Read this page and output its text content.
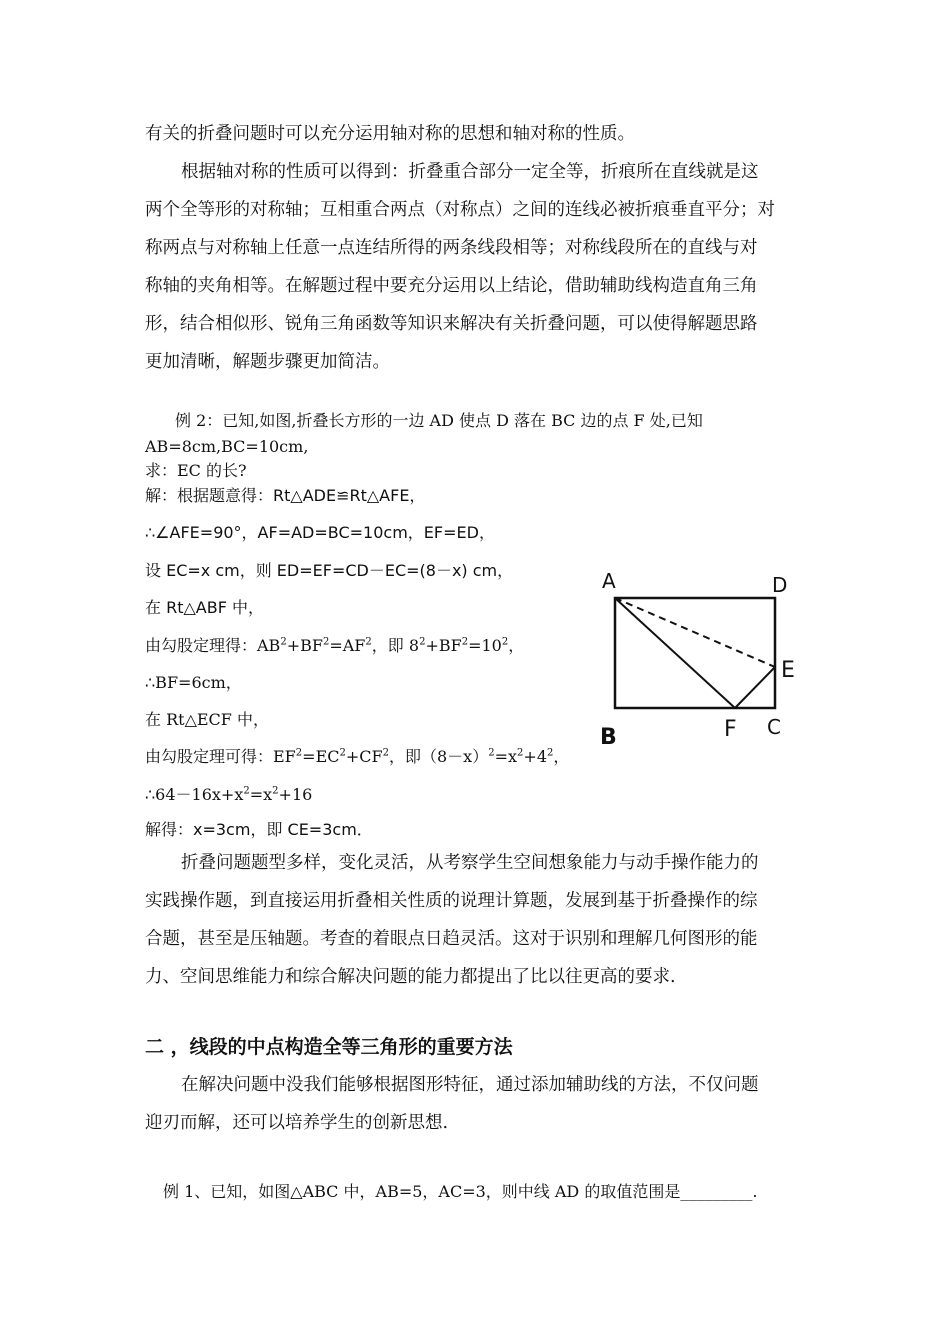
有关的折叠问题时可以充分运用轴对称的思想和轴对称的性质。
根据轴对称的性质可以得到：折叠重合部分一定全等，折痕所在直线就是这
两个全等形的对称轴；互相重合两点（对称点）之间的连线必被折痕垂直平分；对
称两点与对称轴上任意一点连结所得的两条线段相等；对称线段所在的直线与对
称轴的夹角相等。在解题过程中要充分运用以上结论，借助辅助线构造直角三角
形，结合相似形、锐角三角函数等知识来解决有关折叠问题，可以使得解题思路
更加清晰，解题步骤更加简洁。
例 2：已知,如图,折叠长方形的一边 AD 使点 D 落在 BC 边的点 F 处,已知
AB=8cm,BC=10cm,
求：EC 的长?
解：根据题意得：Rt△ADE≌Rt△AFE，
∴∠AFE=90°，AF=AD=BC=10cm，EF=ED，
设 EC=x cm，则 ED=EF=CD－EC=(8－x) cm，
在 Rt△ABF 中，
由勾股定理得：$AB^2+BF^2=AF^2$，即 $8^2+BF^2=10^2$，
∴BF=6cm，
在 Rt△ECF 中，
由勾股定理可得：$EF^2=EC^2+CF^2$，即$(8-x)^2=x^2+4^2$，
$\therefore 64-16x+x^2=x^2+16$
解得：x=3cm，即 CE=3cm．
A	D
E
B	F C
折叠问题题型多样，变化灵活，从考察学生空间想象能力与动手操作能力的
实践操作题，到直接运用折叠相关性质的说理计算题，发展到基于折叠操作的综
合题，甚至是压轴题。考查的着眼点日趋灵活。这对于识别和理解几何图形的能
力、空间思维能力和综合解决问题的能力都提出了比以往更高的要求.
二 ，线段的中点构造全等三角形的重要方法
在解决问题中没我们能够根据图形特征，通过添加辅助线的方法，不仅问题
迎刃而解，还可以培养学生的创新思想.
例 1、已知，如图△ABC 中，AB=5，AC=3，则中线 AD 的取值范围是_________.
